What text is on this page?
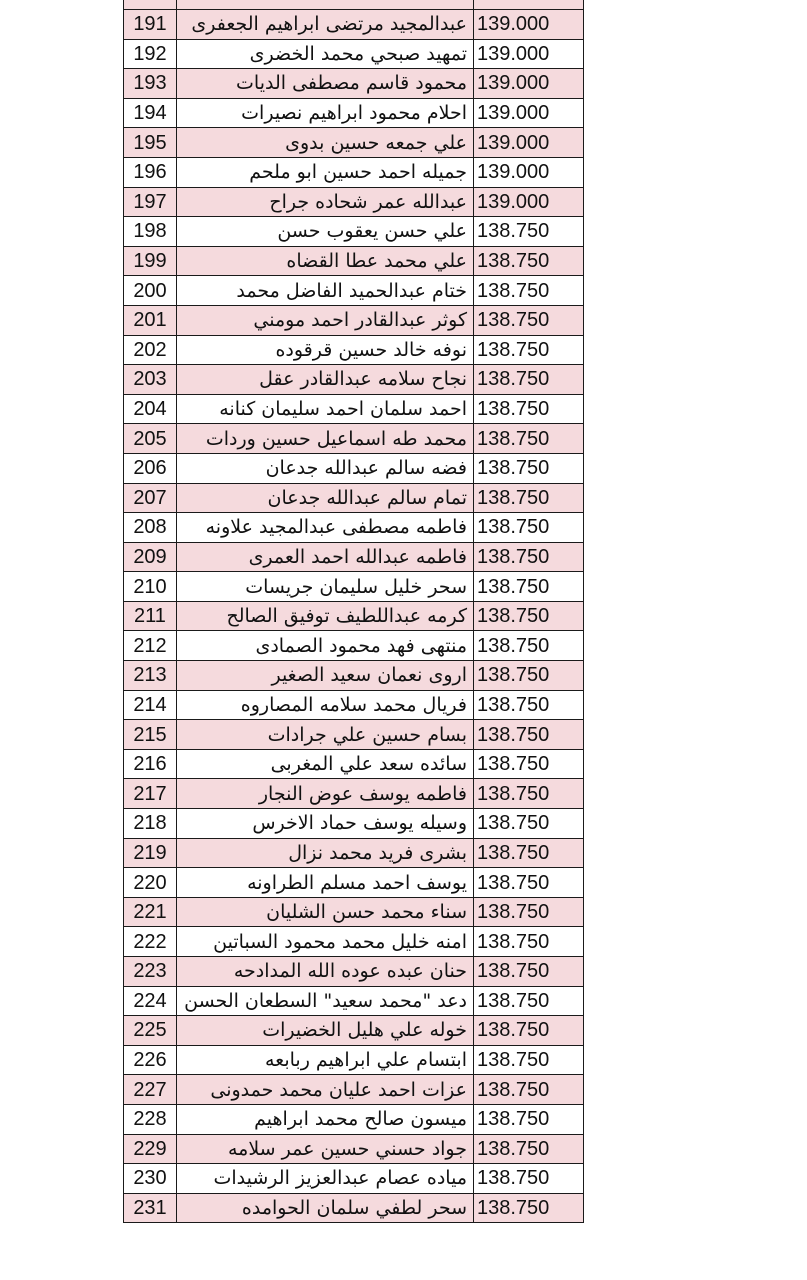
191	عبدالمجيد مرتضى ابراهيم الجعفرى	139.000
192	تمهيد صبحي محمد الخضرى	139.000
193	محمود قاسم مصطفى الديات	139.000
194	احلام محمود ابراهيم نصيرات	139.000
195	علي جمعه حسين بدوى	139.000
196	جميله احمد حسين ابو ملحم	139.000
197	عبدالله عمر شحاده جراح	139.000
198	علي حسن يعقوب حسن	138.750
199	علي محمد عطا القضاه	138.750
200	ختام عبدالحميد الفاضل محمد	138.750
201	كوثر عبدالقادر احمد مومني	138.750
202	نوفه خالد حسين قرقوده	138.750
203	نجاح سلامه عبدالقادر عقل	138.750
204	احمد سلمان احمد سليمان كنانه	138.750
205	محمد طه اسماعيل حسين وردات	138.750
206	فضه سالم عبدالله جدعان	138.750
207	تمام سالم عبدالله جدعان	138.750
208	فاطمه مصطفى عبدالمجيد علاونه	138.750
209	فاطمه عبدالله احمد العمرى	138.750
210	سحر خليل سليمان جريسات	138.750
211	كرمه عبداللطيف توفيق الصالح	138.750
212	منتهى فهد محمود الصمادى	138.750
213	اروى نعمان سعيد الصغير	138.750
214	فريال محمد سلامه المصاروه	138.750
215	بسام حسين علي جرادات	138.750
216	سائده سعد علي المغربى	138.750
217	فاطمه يوسف عوض النجار	138.750
218	وسيله يوسف حماد الاخرس	138.750
219	بشرى فريد محمد نزال	138.750
220	يوسف احمد مسلم الطراونه	138.750
221	سناء محمد حسن الشليان	138.750
222	امنه خليل محمد محمود السباتين	138.750
223	حنان عبده عوده الله المدادحه	138.750
224	دعد "محمد سعيد" السطعان الحسن	138.750
225	خوله علي هليل الخضيرات	138.750
226	ابتسام علي ابراهيم ربابعه	138.750
227	عزات احمد عليان محمد حمدونى	138.750
228	ميسون صالح محمد ابراهيم	138.750
229	جواد حسني حسين عمر سلامه	138.750
230	مياده عصام عبدالعزيز الرشيدات	138.750
231	سحر لطفي سلمان الحوامده	138.750
